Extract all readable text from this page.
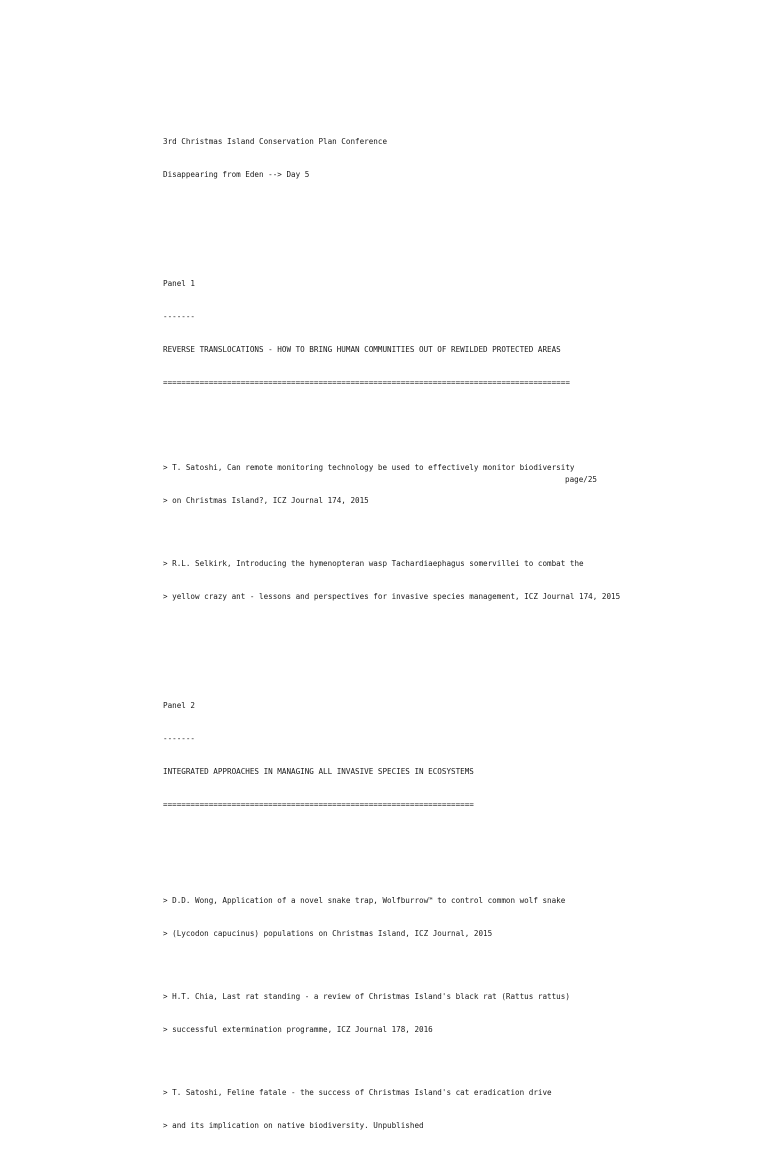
3rd Christmas Island Conservation Plan Conference

Disappearing from Eden --> Day 5

Panel 1

-------

REVERSE TRANSLOCATIONS - HOW TO BRING HUMAN COMMUNITIES OUT OF REWILDED PROTECTED AREAS

=========================================================================================

> T. Satoshi, Can remote monitoring technology be used to effectively monitor biodiversity

> on Christmas Island?, ICZ Journal 174, 2015

> R.L. Selkirk, Introducing the hymenopteran wasp Tachardiaephagus somervillei to combat the

> yellow crazy ant - lessons and perspectives for invasive species management, ICZ Journal 174, 2015

Panel 2

-------

INTEGRATED APPROACHES IN MANAGING ALL INVASIVE SPECIES IN ECOSYSTEMS

====================================================================

> D.D. Wong, Application of a novel snake trap, Wolfburrow™ to control common wolf snake

> (Lycodon capucinus) populations on Christmas Island, ICZ Journal, 2015

> H.T. Chia, Last rat standing - a review of Christmas Island's black rat (Rattus rattus)

> successful extermination programme, ICZ Journal 178, 2016

> T. Satoshi, Feline fatale - the success of Christmas Island's cat eradication drive

> and its implication on native biodiversity. Unpublished

page/25
